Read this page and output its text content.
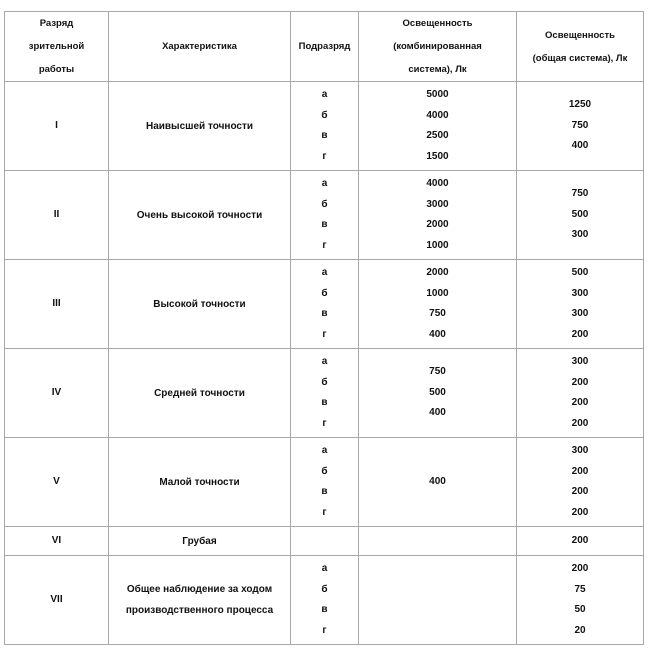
Разряд
зрительной
работы	Характеристика	Подразряд	Освещенность
(комбинированная
система), Лк	Освещенность
(общая система), Лк

I	Наивысшей точности	а
б
в
г	5000
4000
2500
1500	1250
750
400

II	Очень высокой точности	а
б
в
г	4000
3000
2000
1000	750
500
300

III	Высокой точности	а
б
в
г	2000
1000
750
400	500
300
300
200

IV	Средней точности	а
б
в
г	750
500
400	300
200
200
200

V	Малой точности	а
б
в
г	400	300
200
200
200

VI	Грубая			200

VII	Общее наблюдение за ходом
производственного процесса	а
б
в
г		200
75
50
20
